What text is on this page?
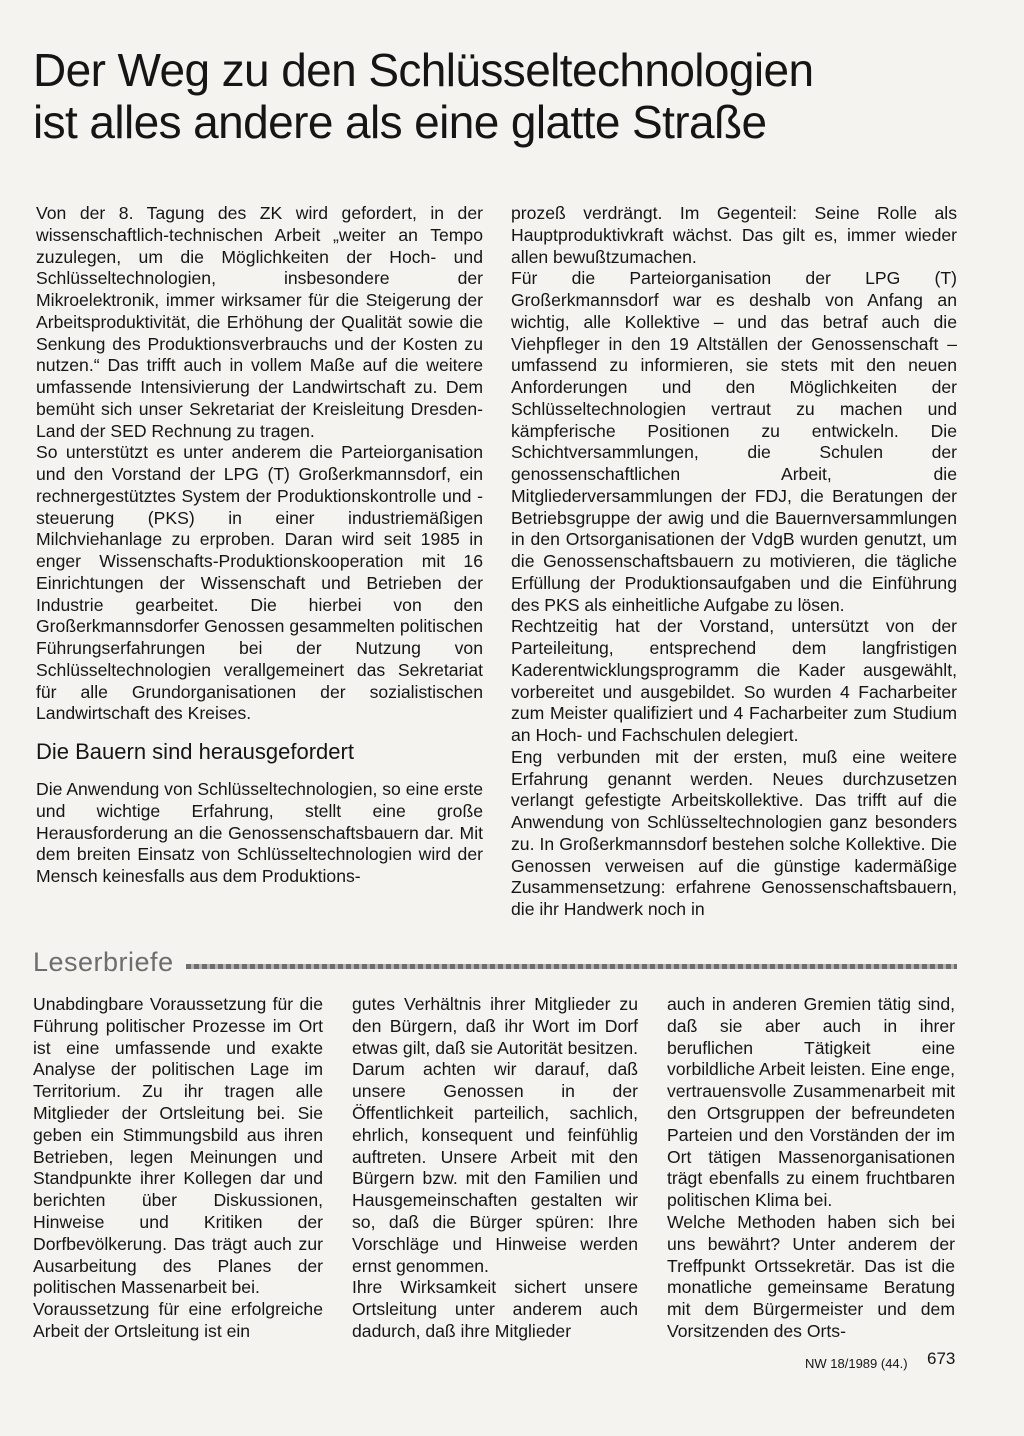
Der Weg zu den Schlüsseltechnologien
ist alles andere als eine glatte Straße

Von der 8. Tagung des ZK wird gefordert, in der wissenschaftlich-technischen Arbeit „weiter an Tempo zuzulegen, um die Möglichkeiten der Hoch- und Schlüsseltechnologien, insbesondere der Mikroelektronik, immer wirksamer für die Steigerung der Arbeitsproduktivität, die Erhöhung der Qualität sowie die Senkung des Produktionsverbrauchs und der Kosten zu nutzen.“ Das trifft auch in vollem Maße auf die weitere umfassende Intensivierung der Landwirtschaft zu. Dem bemüht sich unser Sekretariat der Kreisleitung Dresden-Land der SED Rechnung zu tragen.

So unterstützt es unter anderem die Parteiorganisation und den Vorstand der LPG (T) Großerkmannsdorf, ein rechnergestütztes System der Produktionskontrolle und -steuerung (PKS) in einer industriemäßigen Milchviehanlage zu erproben. Daran wird seit 1985 in enger Wissenschafts-Produktionskooperation mit 16 Einrichtungen der Wissenschaft und Betrieben der Industrie gearbeitet. Die hierbei von den Großerkmannsdorfer Genossen gesammelten politischen Führungserfahrungen bei der Nutzung von Schlüsseltechnologien verallgemeinert das Sekretariat für alle Grundorganisationen der sozialistischen Landwirtschaft des Kreises.

Die Bauern sind herausgefordert

Die Anwendung von Schlüsseltechnologien, so eine erste und wichtige Erfahrung, stellt eine große Herausforderung an die Genossenschaftsbauern dar. Mit dem breiten Einsatz von Schlüsseltechnologien wird der Mensch keinesfalls aus dem Produktions-

prozeß verdrängt. Im Gegenteil: Seine Rolle als Hauptproduktivkraft wächst. Das gilt es, immer wieder allen bewußtzumachen.

Für die Parteiorganisation der LPG (T) Großerkmannsdorf war es deshalb von Anfang an wichtig, alle Kollektive – und das betraf auch die Viehpfleger in den 19 Altställen der Genossenschaft – umfassend zu informieren, sie stets mit den neuen Anforderungen und den Möglichkeiten der Schlüsseltechnologien vertraut zu machen und kämpferische Positionen zu entwickeln. Die Schichtversammlungen, die Schulen der genossenschaftlichen Arbeit, die Mitgliederversammlungen der FDJ, die Beratungen der Betriebsgruppe der awig und die Bauernversammlungen in den Ortsorganisationen der VdgB wurden genutzt, um die Genossenschaftsbauern zu motivieren, die tägliche Erfüllung der Produktionsaufgaben und die Einführung des PKS als einheitliche Aufgabe zu lösen.

Rechtzeitig hat der Vorstand, untersützt von der Parteileitung, entsprechend dem langfristigen Kaderentwicklungsprogramm die Kader ausgewählt, vorbereitet und ausgebildet. So wurden 4 Facharbeiter zum Meister qualifiziert und 4 Facharbeiter zum Studium an Hoch- und Fachschulen delegiert.

Eng verbunden mit der ersten, muß eine weitere Erfahrung genannt werden. Neues durchzusetzen verlangt gefestigte Arbeitskollektive. Das trifft auf die Anwendung von Schlüsseltechnologien ganz besonders zu. In Großerkmannsdorf bestehen solche Kollektive. Die Genossen verweisen auf die günstige kadermäßige Zusammensetzung: erfahrene Genossenschaftsbauern, die ihr Handwerk noch in

Leserbriefe

Unabdingbare Voraussetzung für die Führung politischer Prozesse im Ort ist eine umfassende und exakte Analyse der politischen Lage im Territorium. Zu ihr tragen alle Mitglieder der Ortsleitung bei. Sie geben ein Stimmungsbild aus ihren Betrieben, legen Meinungen und Standpunkte ihrer Kollegen dar und berichten über Diskussionen, Hinweise und Kritiken der Dorfbevölkerung. Das trägt auch zur Ausarbeitung des Planes der politischen Massenarbeit bei.

Voraussetzung für eine erfolgreiche Arbeit der Ortsleitung ist ein

gutes Verhältnis ihrer Mitglieder zu den Bürgern, daß ihr Wort im Dorf etwas gilt, daß sie Autorität besitzen. Darum achten wir darauf, daß unsere Genossen in der Öffentlichkeit parteilich, sachlich, ehrlich, konsequent und feinfühlig auftreten. Unsere Arbeit mit den Bürgern bzw. mit den Familien und Hausgemeinschaften gestalten wir so, daß die Bürger spüren: Ihre Vorschläge und Hinweise werden ernst genommen.

Ihre Wirksamkeit sichert unsere Ortsleitung unter anderem auch dadurch, daß ihre Mitglieder

auch in anderen Gremien tätig sind, daß sie aber auch in ihrer beruflichen Tätigkeit eine vorbildliche Arbeit leisten. Eine enge, vertrauensvolle Zusammenarbeit mit den Ortsgruppen der befreundeten Parteien und den Vorständen der im Ort tätigen Massenorganisationen trägt ebenfalls zu einem fruchtbaren politischen Klima bei.

Welche Methoden haben sich bei uns bewährt? Unter anderem der Treffpunkt Ortssekretär. Das ist die monatliche gemeinsame Beratung mit dem Bürgermeister und dem Vorsitzenden des Orts-

NW 18/1989 (44.) 673
